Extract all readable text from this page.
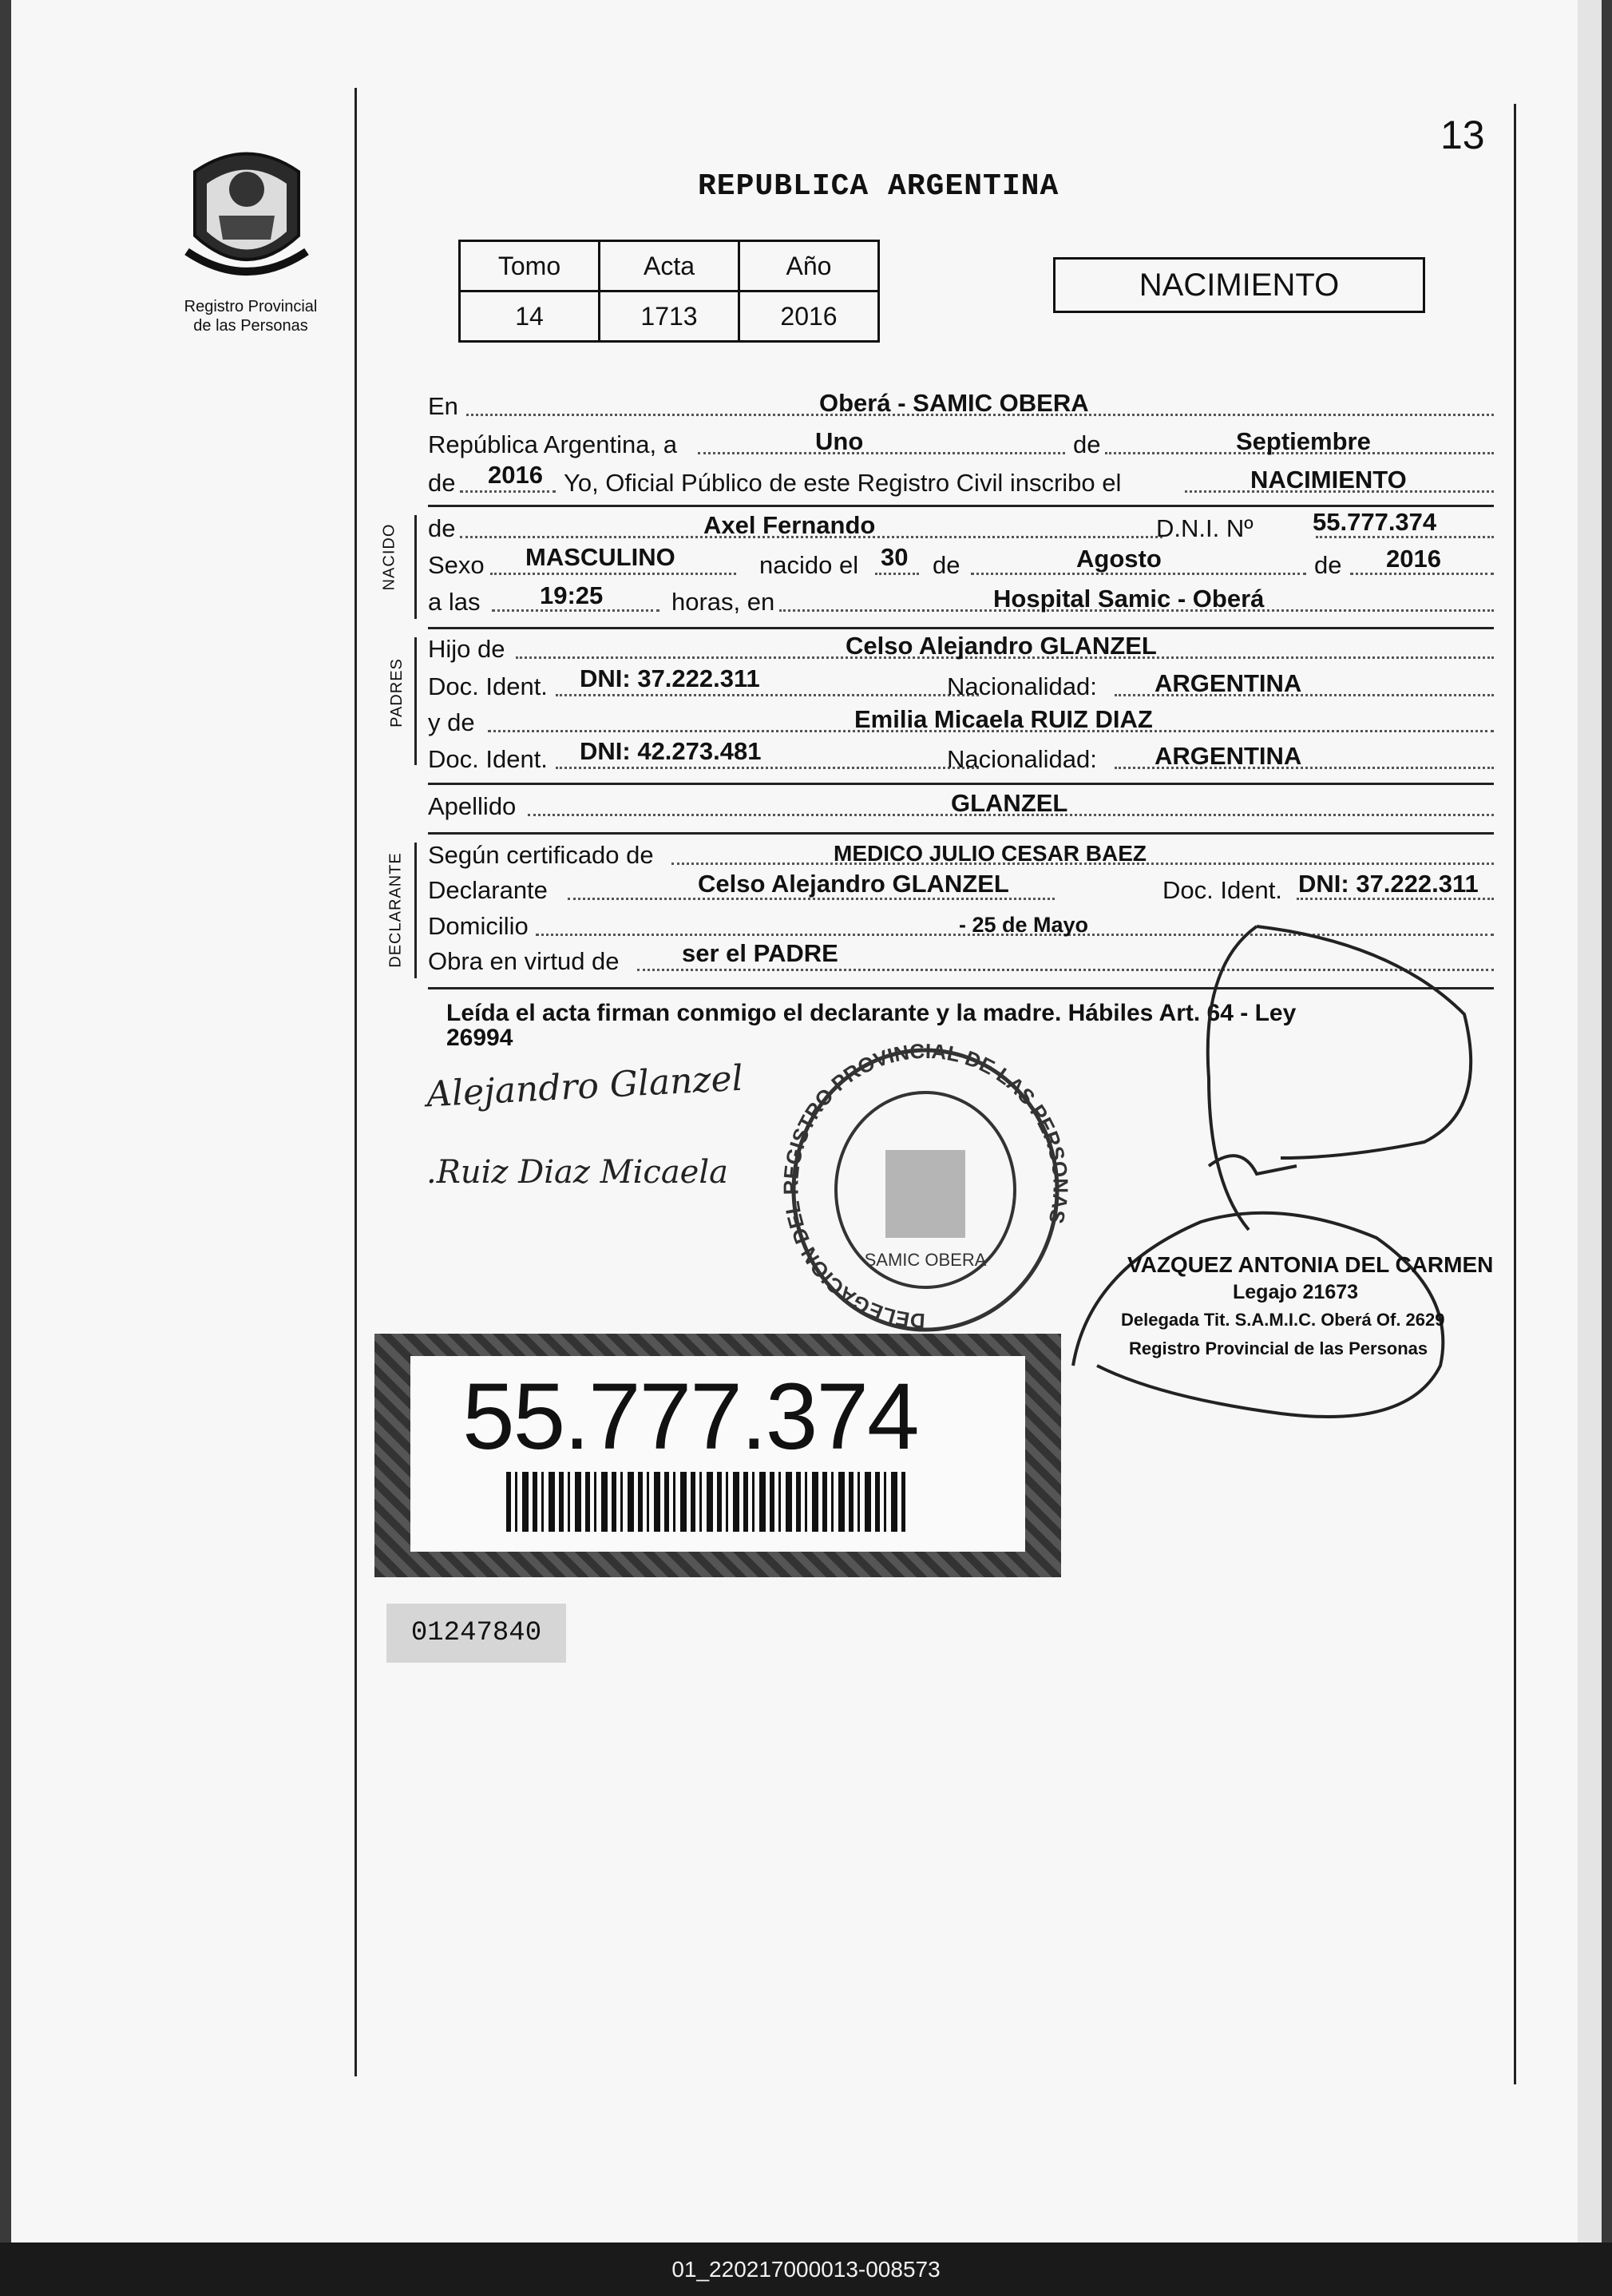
13
Registro Provincial
de las Personas
REPUBLICA ARGENTINA
Tomo	Acta	Año
14	1713	2016
NACIMIENTO
En	Oberá - SAMIC OBERA
República Argentina, a	Uno	de	Septiembre
de 2016 Yo, Oficial Público de este Registro Civil inscribo el	NACIMIENTO
NACIDO de	Axel Fernando	D.N.I. Nº 55.777.374
Sexo MASCULINO	nacido el 30 de	Agosto	de 2016
a las 19:25	horas, en	Hospital Samic - Oberá
PADRES
Hijo de	Celso Alejandro GLANZEL
Doc. Ident. DNI: 37.222.311	Nacionalidad: ARGENTINA
y de	Emilia Micaela RUIZ DIAZ
Doc. Ident. DNI: 42.273.481	Nacionalidad: ARGENTINA
Apellido	GLANZEL
DECLARANTE Según certificado de	MEDICO JULIO CESAR BAEZ
Declarante	Celso Alejandro GLANZEL	Doc. Ident. DNI: 37.222.311
Domicilio	- 25 de Mayo
Obra en virtud de	ser el PADRE
Leída el acta firman conmigo el declarante y la madre. Hábiles Art. 64 - Ley
26994
Alejandro Glanzel
.Ruiz Diaz Micaela
DELEGACION DEL REGISTRO PROVINCIAL DE LAS PERSONAS
SAMIC OBERA	VAZQUEZ ANTONIA DEL CARMEN
Legajo 21673
Delegada Tit. S.A.M.I.C. Oberá Of. 2629
Registro Provincial de las Personas
55.777.374
01247840
01_220217000013-008573
